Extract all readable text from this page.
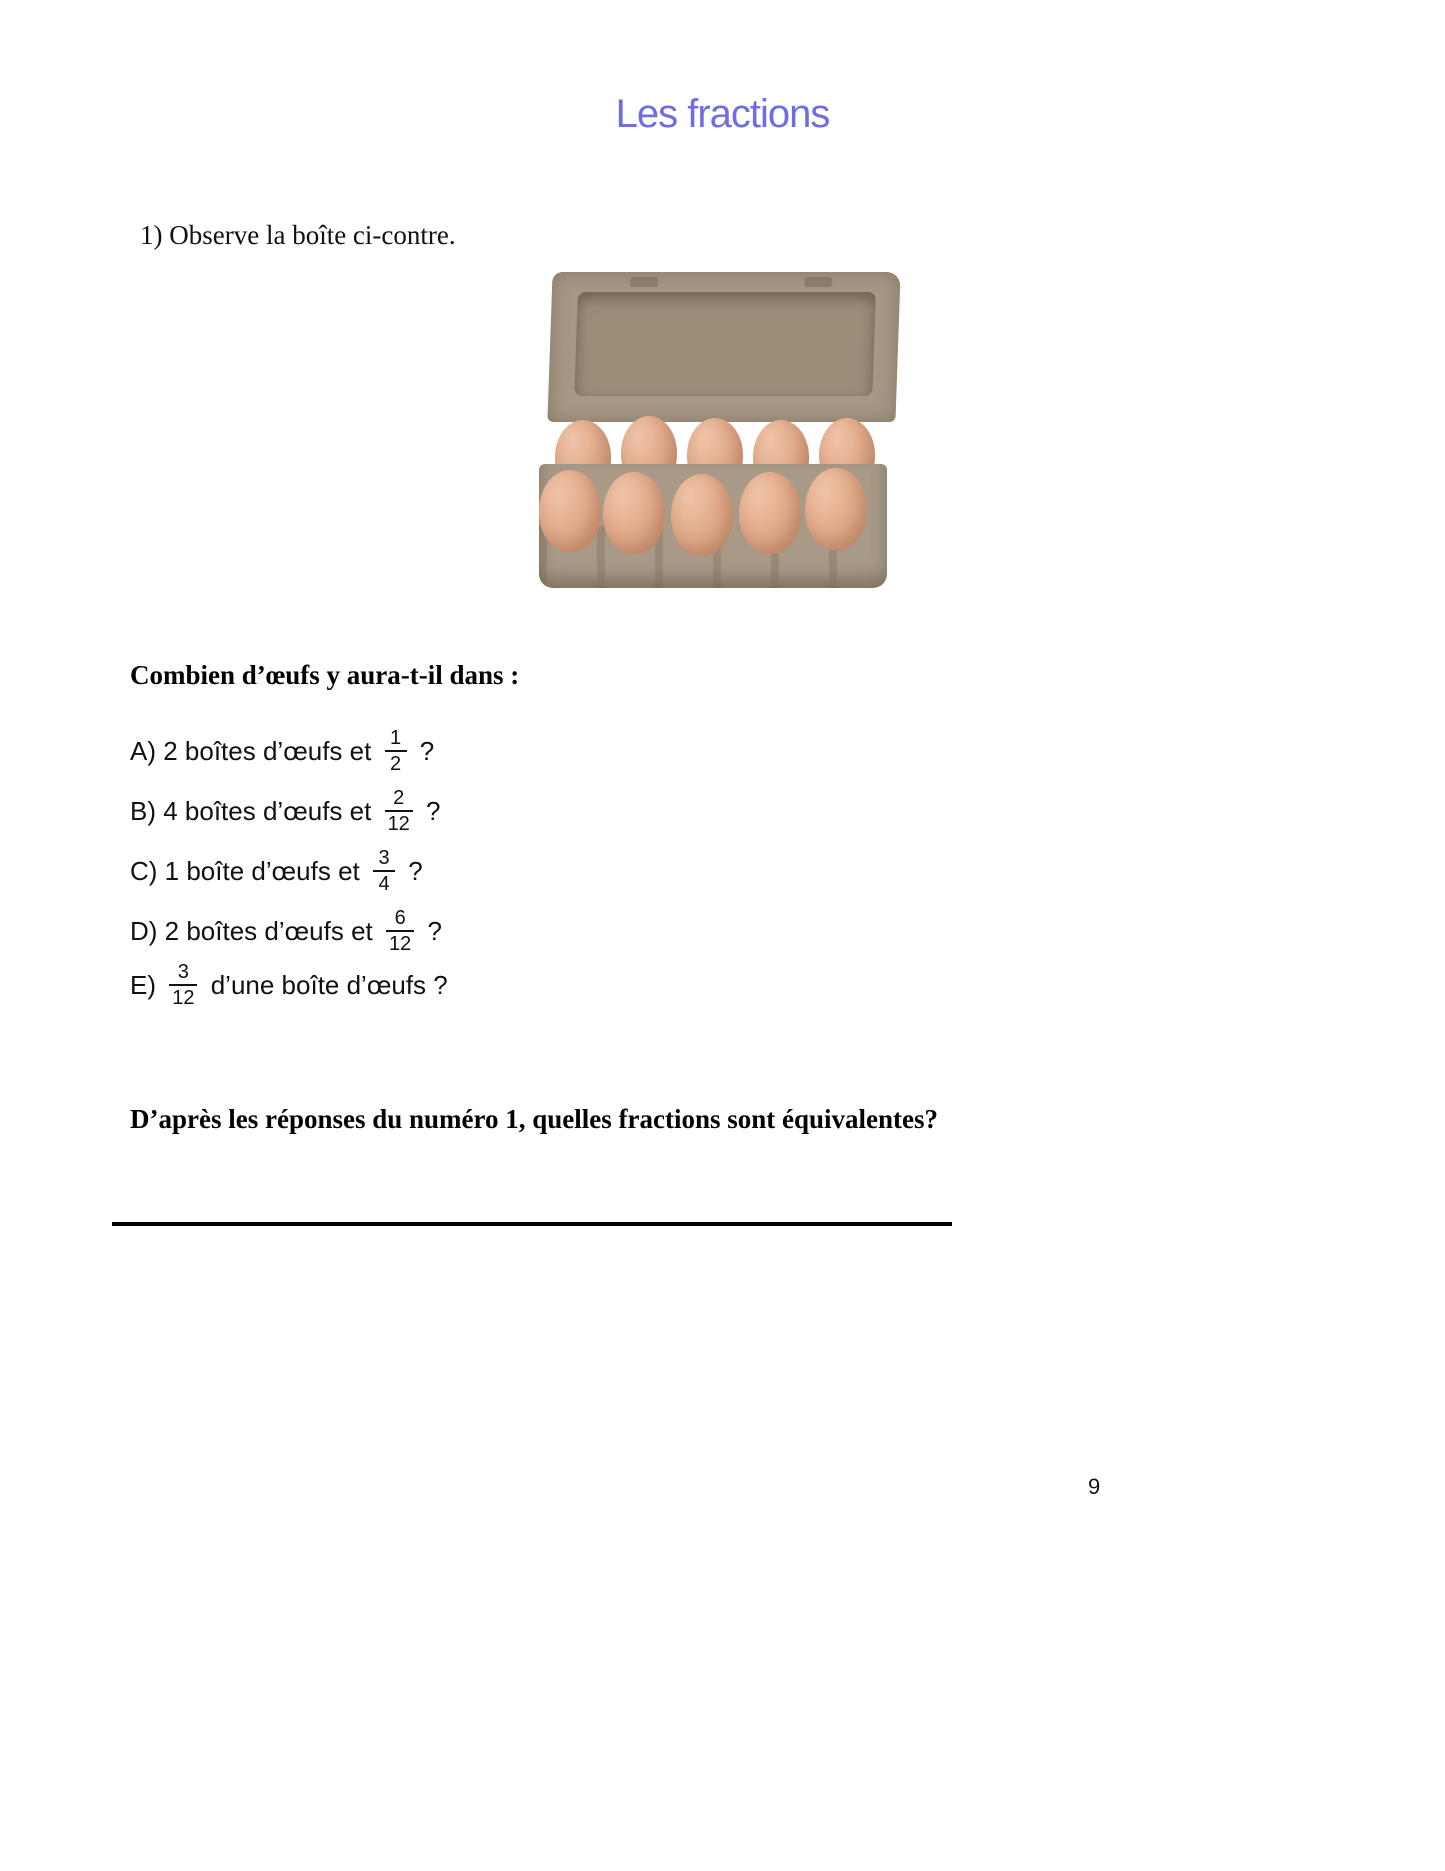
Les fractions
1) Observe la boîte ci-contre.
Combien d’œufs y aura-t-il dans :
A) 2 boîtes d’œufs et $\frac{1}{2}$ ?
B) 4 boîtes d’œufs et $\frac{2}{12}$ ?
C) 1 boîte d’œufs et $\frac{3}{4}$ ?
D) 2 boîtes d’œufs et $\frac{6}{12}$ ?
E)
$\frac{3}{12}$ d’une boîte d’œufs ?
D’après les réponses du numéro 1, quelles fractions sont équivalentes?
9
